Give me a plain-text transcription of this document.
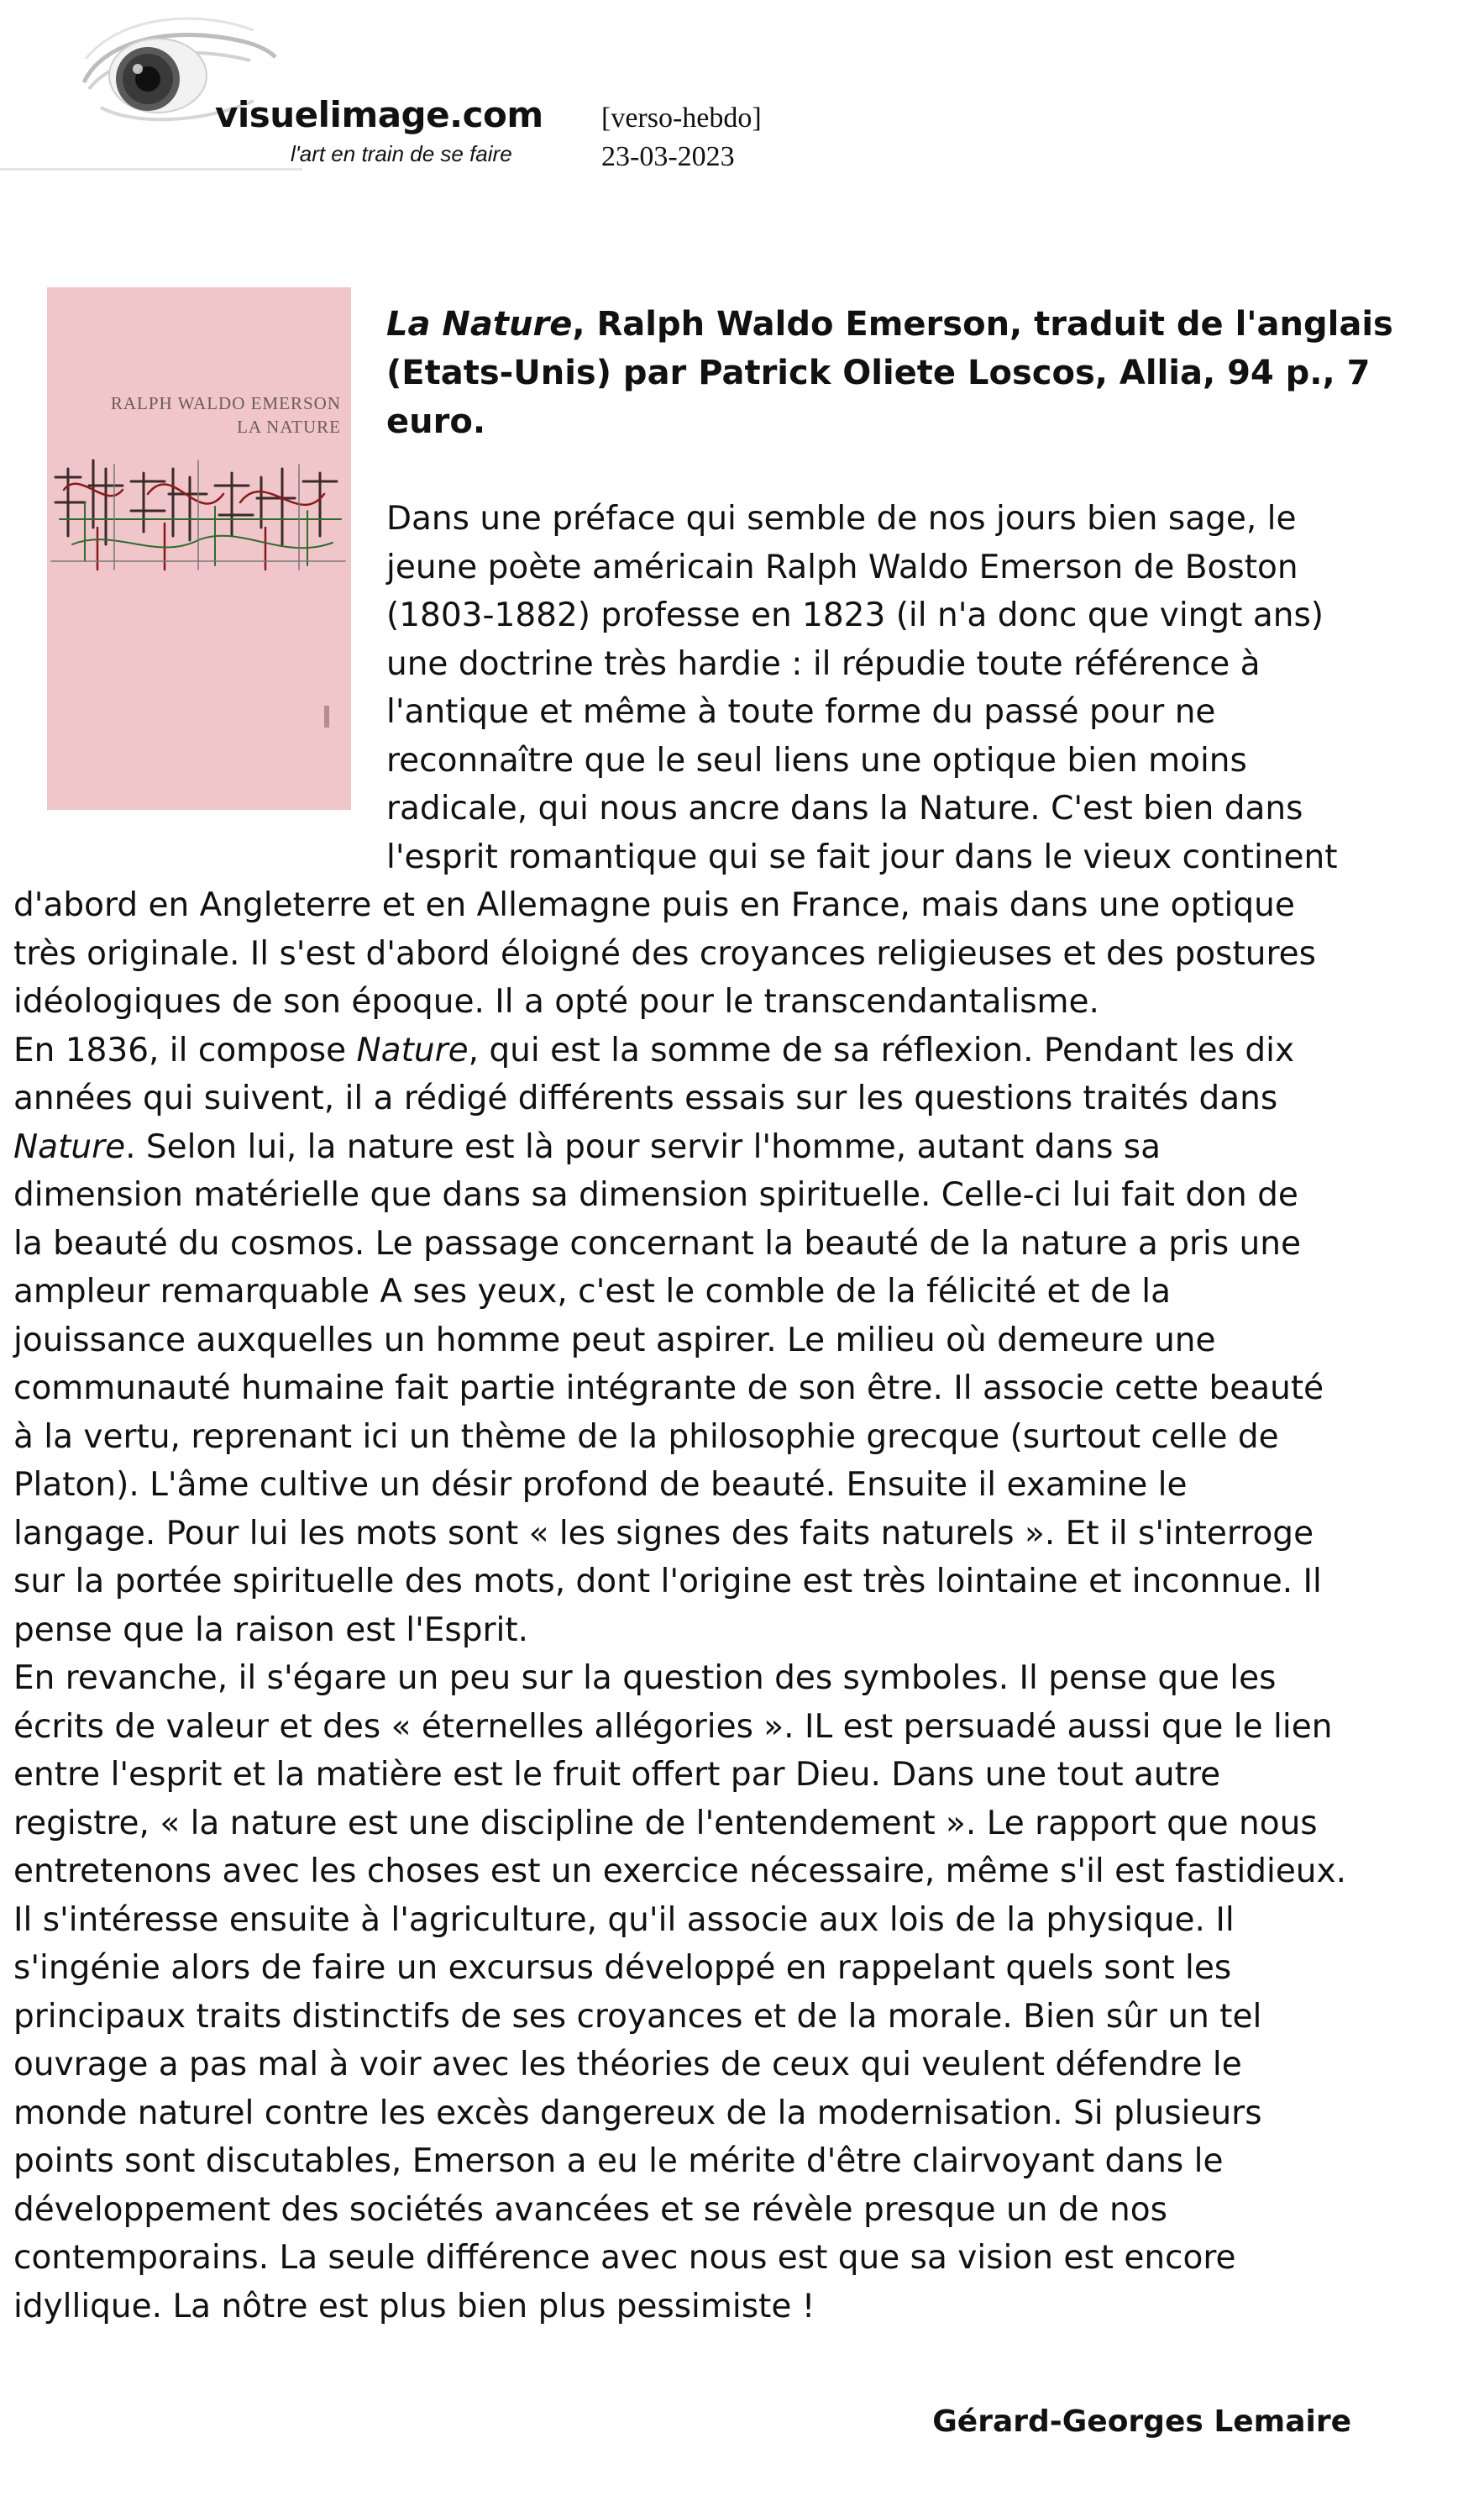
visuelimage.com
l'art en train de se faire
[verso-hebdo]
23-03-2023
RALPH WALDO EMERSON
LA NATURE
La Nature, Ralph Waldo Emerson, traduit de l'anglais
(Etats-Unis) par Patrick Oliete Loscos, Allia, 94 p., 7
euro.
Dans une préface qui semble de nos jours bien sage, le
jeune poète américain Ralph Waldo Emerson de Boston
(1803-1882) professe en 1823 (il n'a donc que vingt ans)
une doctrine très hardie : il répudie toute référence à
l'antique et même à toute forme du passé pour ne
reconnaître que le seul liens une optique bien moins
radicale, qui nous ancre dans la Nature. C'est bien dans
l'esprit romantique qui se fait jour dans le vieux continent
d'abord en Angleterre et en Allemagne puis en France, mais dans une optique
très originale. Il s'est d'abord éloigné des croyances religieuses et des postures
idéologiques de son époque. Il a opté pour le transcendantalisme.
En 1836, il compose Nature, qui est la somme de sa réflexion. Pendant les dix
années qui suivent, il a rédigé différents essais sur les questions traités dans
Nature. Selon lui, la nature est là pour servir l'homme, autant dans sa
dimension matérielle que dans sa dimension spirituelle. Celle-ci lui fait don de
la beauté du cosmos. Le passage concernant la beauté de la nature a pris une
ampleur remarquable A ses yeux, c'est le comble de la félicité et de la
jouissance auxquelles un homme peut aspirer. Le milieu où demeure une
communauté humaine fait partie intégrante de son être. Il associe cette beauté
à la vertu, reprenant ici un thème de la philosophie grecque (surtout celle de
Platon). L'âme cultive un désir profond de beauté. Ensuite il examine le
langage. Pour lui les mots sont « les signes des faits naturels ». Et il s'interroge
sur la portée spirituelle des mots, dont l'origine est très lointaine et inconnue. Il
pense que la raison est l'Esprit.
En revanche, il s'égare un peu sur la question des symboles. Il pense que les
écrits de valeur et des « éternelles allégories ». IL est persuadé aussi que le lien
entre l'esprit et la matière est le fruit offert par Dieu. Dans une tout autre
registre, « la nature est une discipline de l'entendement ». Le rapport que nous
entretenons avec les choses est un exercice nécessaire, même s'il est fastidieux.
Il s'intéresse ensuite à l'agriculture, qu'il associe aux lois de la physique. Il
s'ingénie alors de faire un excursus développé en rappelant quels sont les
principaux traits distinctifs de ses croyances et de la morale. Bien sûr un tel
ouvrage a pas mal à voir avec les théories de ceux qui veulent défendre le
monde naturel contre les excès dangereux de la modernisation. Si plusieurs
points sont discutables, Emerson a eu le mérite d'être clairvoyant dans le
développement des sociétés avancées et se révèle presque un de nos
contemporains. La seule différence avec nous est que sa vision est encore
idyllique. La nôtre est plus bien plus pessimiste !
Gérard-Georges Lemaire
